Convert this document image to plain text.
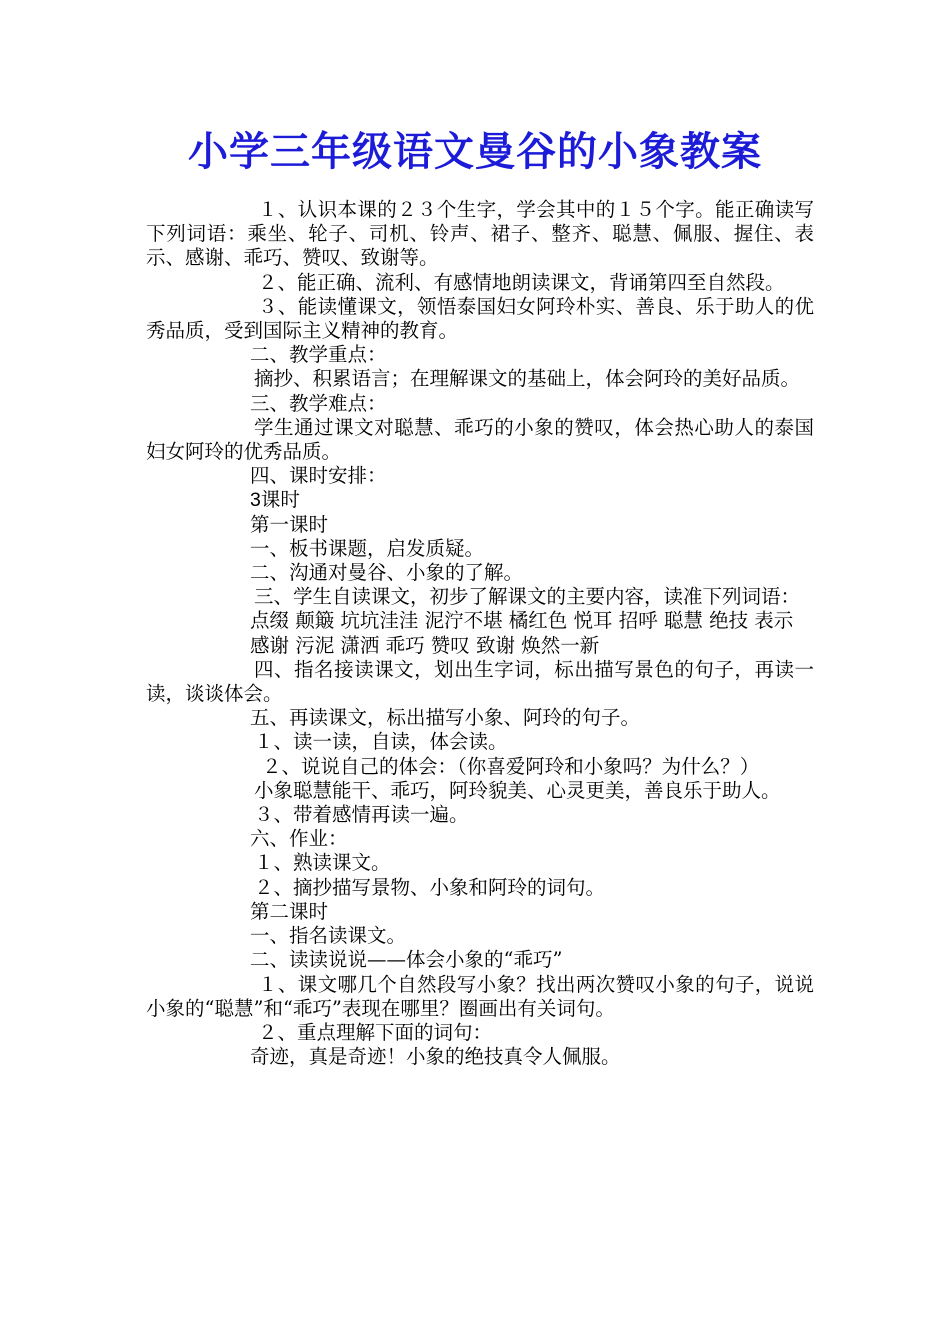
小学三年级语文曼谷的小象教案

１、认识本课的２３个生字，学会其中的１５个字。能正确读写下列词语：乘坐、轮子、司机、铃声、裙子、整齐、聪慧、佩服、握住、表示、感谢、乖巧、赞叹、致谢等。

２、能正确、流利、有感情地朗读课文，背诵第四至自然段。

３、能读懂课文，领悟泰国妇女阿玲朴实、善良、乐于助人的优秀品质，受到国际主义精神的教育。

二、教学重点：

摘抄、积累语言；在理解课文的基础上，体会阿玲的美好品质。

三、教学难点：

学生通过课文对聪慧、乖巧的小象的赞叹，体会热心助人的泰国妇女阿玲的优秀品质。

四、课时安排：

3课时

第一课时

一、板书课题，启发质疑。

二、沟通对曼谷、小象的了解。

三、学生自读课文，初步了解课文的主要内容，读准下列词语：

点缀 颠簸 坑坑洼洼 泥泞不堪 橘红色 悦耳 招呼 聪慧 绝技 表示 感谢 污泥 潇洒 乖巧 赞叹 致谢 焕然一新

四、指名接读课文，划出生字词，标出描写景色的句子，再读一读，谈谈体会。

五、再读课文，标出描写小象、阿玲的句子。

１、读一读，自读，体会读。

２、说说自己的体会：（你喜爱阿玲和小象吗？为什么？）

小象聪慧能干、乖巧，阿玲貌美、心灵更美，善良乐于助人。

３、带着感情再读一遍。

六、作业：

１、熟读课文。

２、摘抄描写景物、小象和阿玲的词句。

第二课时

一、指名读课文。

二、读读说说——体会小象的“乖巧”

１、课文哪几个自然段写小象？找出两次赞叹小象的句子，说说小象的“聪慧”和“乖巧”表现在哪里？圈画出有关词句。

２、重点理解下面的词句：

奇迹，真是奇迹！小象的绝技真令人佩服。
